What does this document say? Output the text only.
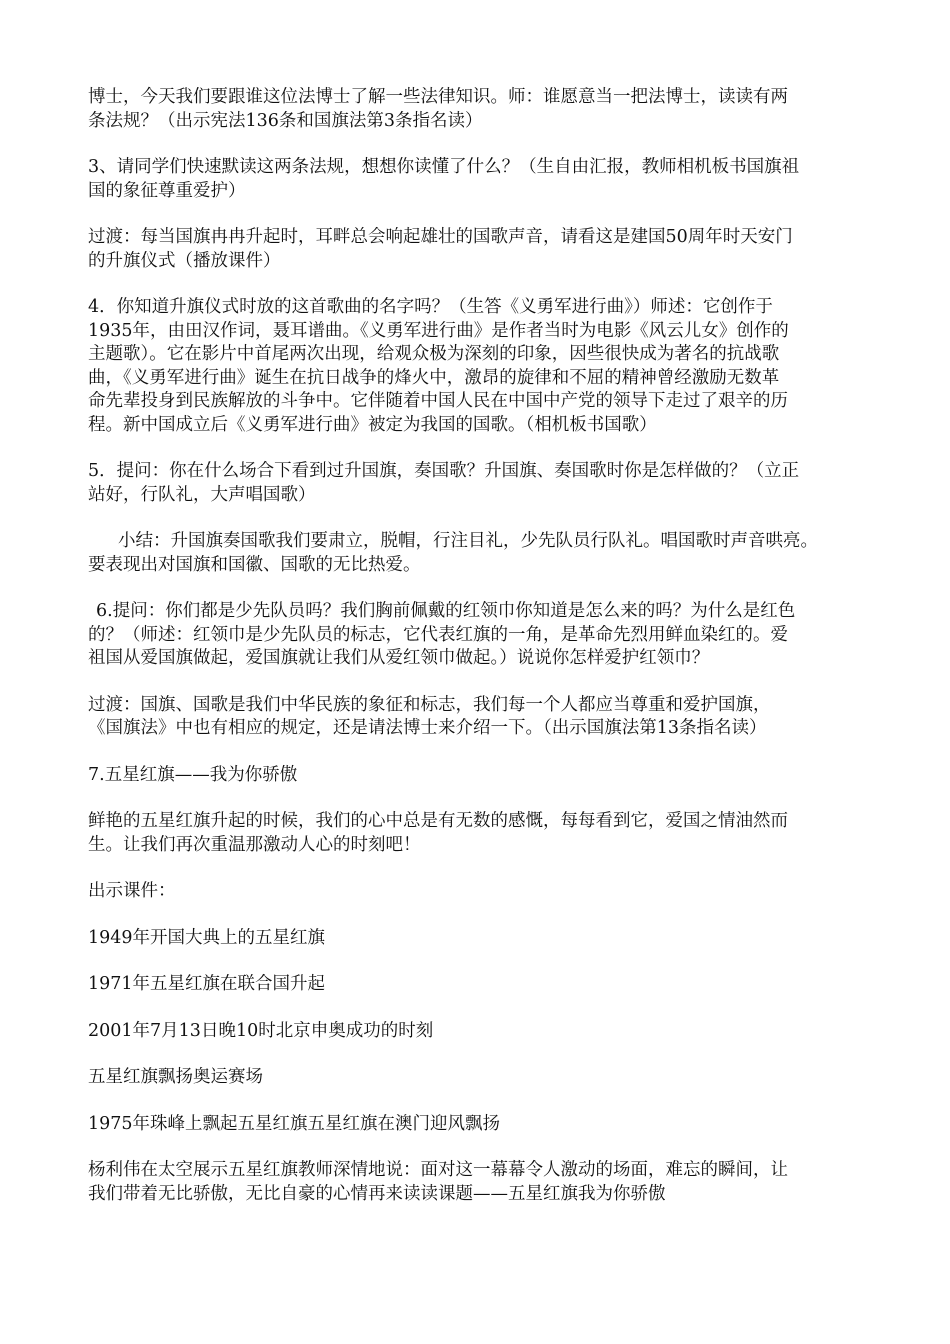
博士，今天我们要跟谁这位法博士了解一些法律知识。师：谁愿意当一把法博士，读读有两
条法规？（出示宪法136条和国旗法第3条指名读）

3、请同学们快速默读这两条法规，想想你读懂了什么？（生自由汇报，教师相机板书国旗祖
国的象征尊重爱护）

过渡：每当国旗冉冉升起时，耳畔总会响起雄壮的国歌声音，请看这是建国50周年时天安门
的升旗仪式（播放课件）

4．你知道升旗仪式时放的这首歌曲的名字吗？（生答《义勇军进行曲》）师述：它创作于
1935年，由田汉作词，聂耳谱曲。《义勇军进行曲》是作者当时为电影《风云儿女》创作的
主题歌）。它在影片中首尾两次出现，给观众极为深刻的印象，因些很快成为著名的抗战歌
曲，《义勇军进行曲》诞生在抗日战争的烽火中，激昂的旋律和不屈的精神曾经激励无数革
命先辈投身到民族解放的斗争中。它伴随着中国人民在中国中产党的领导下走过了艰辛的历
程。新中国成立后《义勇军进行曲》被定为我国的国歌。（相机板书国歌）

5．提问：你在什么场合下看到过升国旗，奏国歌？升国旗、奏国歌时你是怎样做的？（立正
站好，行队礼，大声唱国歌）

小结：升国旗奏国歌我们要肃立，脱帽，行注目礼，少先队员行队礼。唱国歌时声音哄亮。
要表现出对国旗和国徽、国歌的无比热爱。

6.提问：你们都是少先队员吗？我们胸前佩戴的红领巾你知道是怎么来的吗？为什么是红色
的？（师述：红领巾是少先队员的标志，它代表红旗的一角，是革命先烈用鲜血染红的。爱
祖国从爱国旗做起，爱国旗就让我们从爱红领巾做起。）说说你怎样爱护红领巾？

过渡：国旗、国歌是我们中华民族的象征和标志，我们每一个人都应当尊重和爱护国旗，
《国旗法》中也有相应的规定，还是请法博士来介绍一下。（出示国旗法第13条指名读）

7.五星红旗——我为你骄傲

鲜艳的五星红旗升起的时候，我们的心中总是有无数的感慨，每每看到它，爱国之情油然而
生。让我们再次重温那激动人心的时刻吧！

出示课件：

1949年开国大典上的五星红旗

1971年五星红旗在联合国升起

2001年7月13日晚10时北京申奥成功的时刻

五星红旗飘扬奥运赛场

1975年珠峰上飘起五星红旗五星红旗在澳门迎风飘扬

杨利伟在太空展示五星红旗教师深情地说：面对这一幕幕令人激动的场面，难忘的瞬间，让
我们带着无比骄傲，无比自豪的心情再来读读课题——五星红旗我为你骄傲
